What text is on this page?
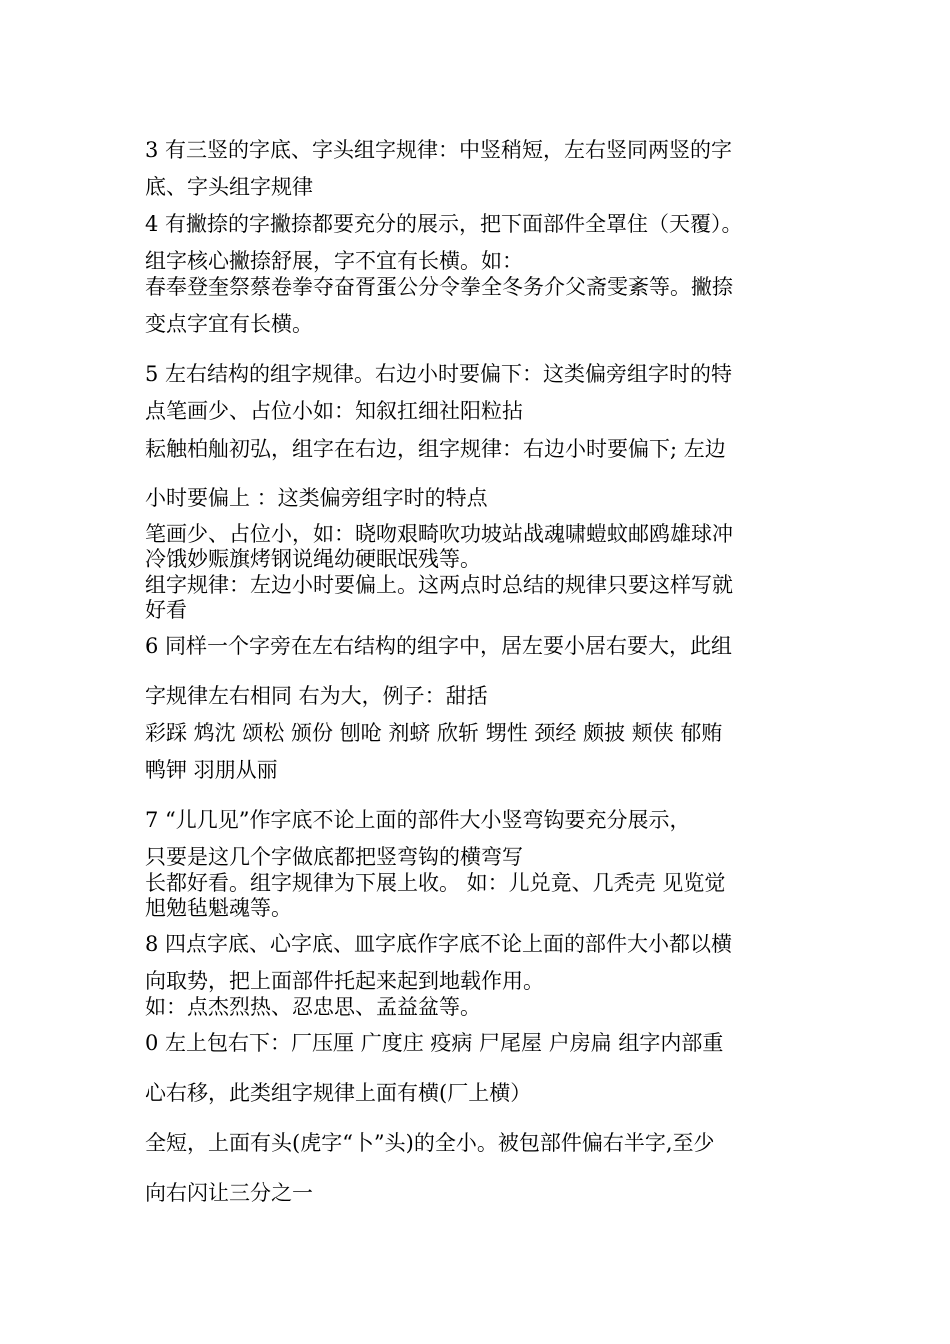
3 有三竖的字底、字头组字规律：中竖稍短，左右竖同两竖的字
底、字头组字规律
4 有撇捺的字撇捺都要充分的展示，把下面部件全罩住（天覆）。
组字核心撇捺舒展，字不宜有长横。如：
春奉登奎祭蔡卷拳夺奋胥蛋公分令拳全冬务介父斋雯紊等。撇捺
变点字宜有长横。
5 左右结构的组字规律。右边小时要偏下：这类偏旁组字时的特
点笔画少、占位小如：知叙扛细社阳粒拈
耘触柏舢初弘，组字在右边，组字规律：右边小时要偏下; 左边
小时要偏上 ：这类偏旁组字时的特点
笔画少、占位小，如：晓吻艰畸吹功坡站战魂啸螘蚊邮鸥雄球冲
冷饿妙赈旗烤钢说绳幼硬眠氓残等。
组字规律：左边小时要偏上。这两点时总结的规律只要这样写就
好看
6 同样一个字旁在左右结构的组字中，居左要小居右要大，此组
字规律左右相同 右为大，例子：甜括
彩踩 鸩沈 颂松 颁份 刨呛 剂蛴 欣斩 甥性 颈经 颇披 颊侠 郁贿
鸭钾 羽朋从丽
7 “儿几见”作字底不论上面的部件大小竖弯钩要充分展示，
只要是这几个字做底都把竖弯钩的横弯写
长都好看。组字规律为下展上收。 如：儿兑竟、几秃壳 见览觉
旭勉毡魁魂等。
8 四点字底、心字底、皿字底作字底不论上面的部件大小都以横
向取势，把上面部件托起来起到地载作用。
如：点杰烈热、忍忠思、孟益盆等。
0 左上包右下：厂压厘 广度庄 疫病 尸尾屋 户房扁 组字内部重
心右移，此类组字规律上面有横(厂上横）
全短，上面有头(虎字“卜”头)的全小。被包部件偏右半字,至少
向右闪让三分之一
